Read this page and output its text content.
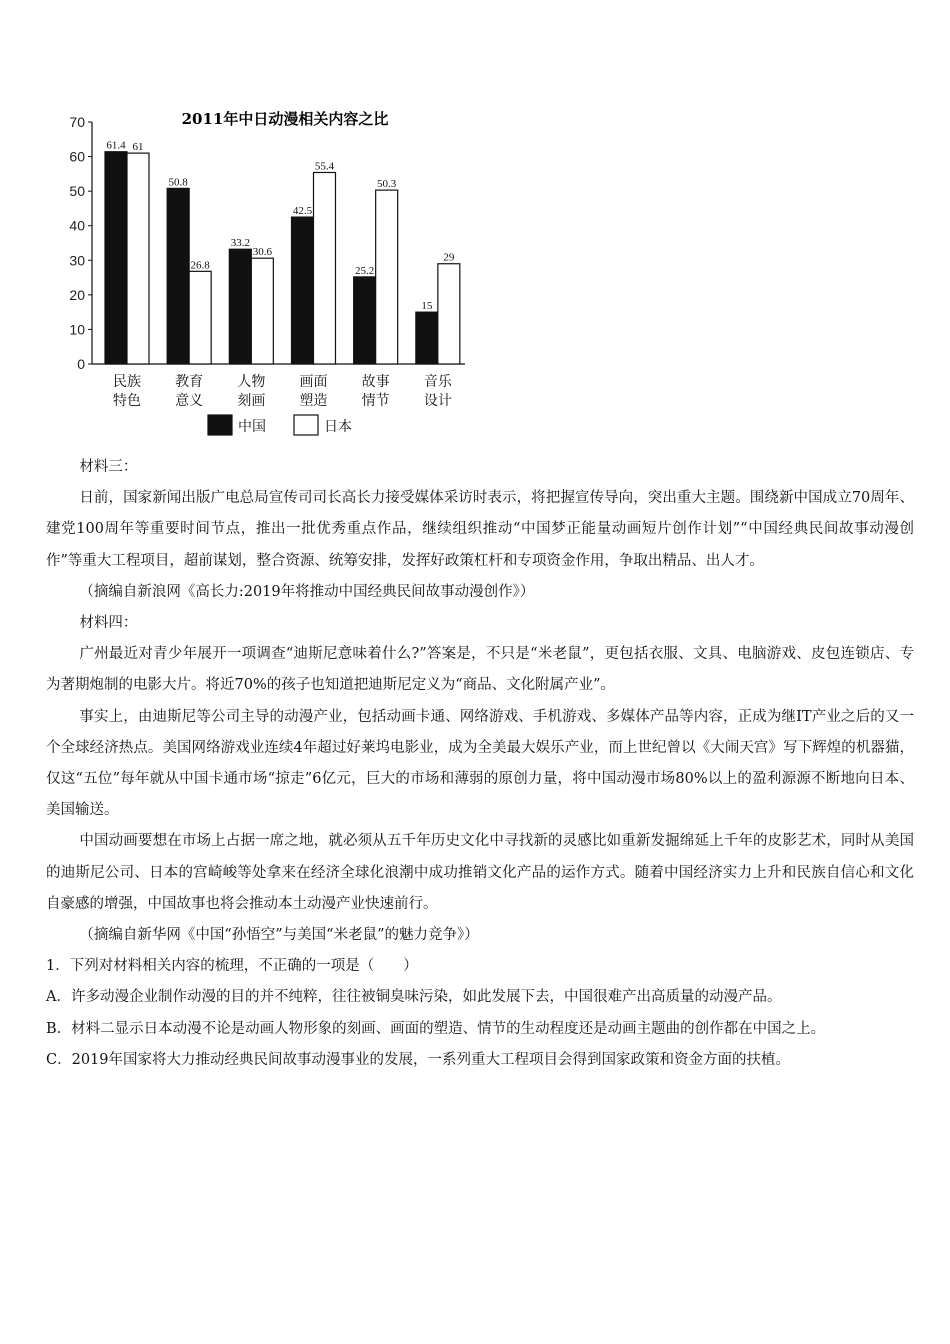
2011年中日动漫相关内容之比
0
10
20
30
40
50
60
70
61.4 61
民族
特色
50.8
26.8
教育
意义
33.2
30.6
人物
刻画
42.5
55.4
画面
塑造
25.2
50.3
故事
情节
15
29
音乐
设计
中国	日本

材料三：

日前，国家新闻出版广电总局宣传司司长高长力接受媒体采访时表示，将把握宣传导向，突出重大主题。围绕新中国成立70周年、建党100周年等重要时间节点，推出一批优秀重点作品，继续组织推动“中国梦正能量动画短片创作计划”“中国经典民间故事动漫创作”等重大工程项目，超前谋划，整合资源、统筹安排，发挥好政策杠杆和专项资金作用，争取出精品、出人才。

（摘编自新浪网《高长力:2019年将推动中国经典民间故事动漫创作》）

材料四：

广州最近对青少年展开一项调查“迪斯尼意味着什么?”答案是，不只是“米老鼠”，更包括衣服、文具、电脑游戏、皮包连锁店、专为著期炮制的电影大片。将近70%的孩子也知道把迪斯尼定义为“商品、文化附属产业”。

事实上，由迪斯尼等公司主导的动漫产业，包括动画卡通、网络游戏、手机游戏、多媒体产品等内容，正成为继IT产业之后的又一个全球经济热点。美国网络游戏业连续4年超过好莱坞电影业，成为全美最大娱乐产业，而上世纪曾以《大闹天宫》写下辉煌的机器猫，仅这“五位”每年就从中国卡通市场“掠走”6亿元，巨大的市场和薄弱的原创力量，将中国动漫市场80%以上的盈利源源不断地向日本、美国输送。

中国动画要想在市场上占据一席之地，就必须从五千年历史文化中寻找新的灵感比如重新发掘绵延上千年的皮影艺术，同时从美国的迪斯尼公司、日本的宫崎峻等处拿来在经济全球化浪潮中成功推销文化产品的运作方式。随着中国经济实力上升和民族自信心和文化自豪感的增强，中国故事也将会推动本土动漫产业快速前行。

（摘编自新华网《中国“孙悟空”与美国“米老鼠”的魅力竞争》）

1．下列对材料相关内容的梳理，不正确的一项是（　　）

A．许多动漫企业制作动漫的目的并不纯粹，往往被铜臭味污染，如此发展下去，中国很难产出高质量的动漫产品。

B．材料二显示日本动漫不论是动画人物形象的刻画、画面的塑造、情节的生动程度还是动画主题曲的创作都在中国之上。

C．2019年国家将大力推动经典民间故事动漫事业的发展，一系列重大工程项目会得到国家政策和资金方面的扶植。
